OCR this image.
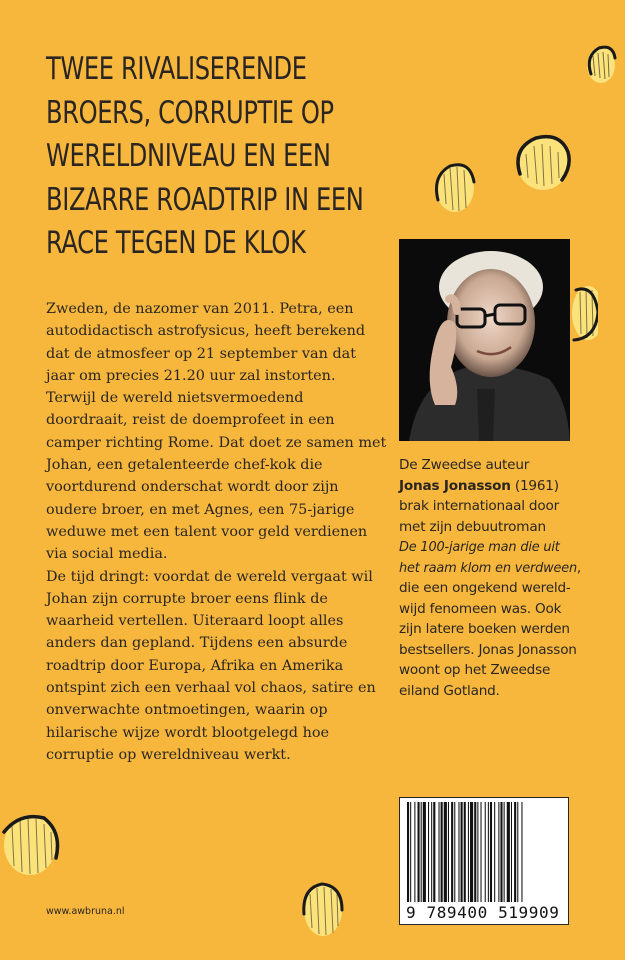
TWEE RIVALISERENDE
BROERS, CORRUPTIE OP
WERELDNIVEAU EN EEN
BIZARRE ROADTRIP IN EEN
RACE TEGEN DE KLOK

Zweden, de nazomer van 2011. Petra, een autodidactisch astrofysicus, heeft berekend dat de atmosfeer op 21 september van dat jaar om precies 21.20 uur zal instorten. Terwijl de wereld nietsvermoedend doordraait, reist de doemprofeet in een camper richting Rome. Dat doet ze samen met Johan, een getalenteerde chef-kok die voortdurend onderschat wordt door zijn oudere broer, en met Agnes, een 75-jarige weduwe met een talent voor geld verdienen via social media.

De tijd dringt: voordat de wereld vergaat wil Johan zijn corrupte broer eens flink de waarheid vertellen. Uiteraard loopt alles anders dan gepland. Tijdens een absurde roadtrip door Europa, Afrika en Amerika ontspint zich een verhaal vol chaos, satire en onverwachte ontmoetingen, waarin op hilarische wijze wordt blootgelegd hoe corruptie op wereldniveau werkt.

De Zweedse auteur
Jonas Jonasson (1961)
brak internationaal door
met zijn debuutroman
De 100-jarige man die uit
het raam klom en verdween,
die een ongekend wereld-
wijd fenomeen was. Ook
zijn latere boeken werden
bestsellers. Jonas Jonasson
woont op het Zweedse
eiland Gotland.
9 789400 519909
www.awbruna.nl
